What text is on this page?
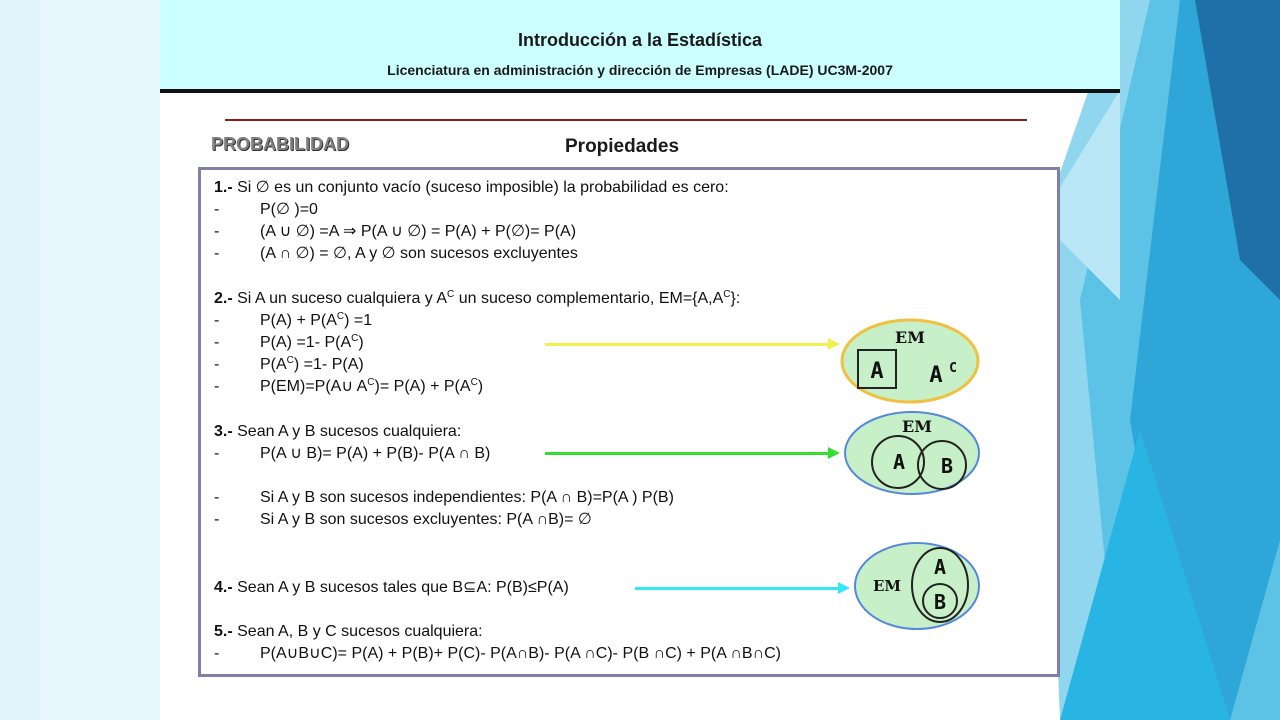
Introducción a la Estadística
Licenciatura en administración y dirección de Empresas (LADE) UC3M-2007
PROBABILIDAD	Propiedades
1.- Si ∅ es un conjunto vacío (suceso imposible) la probabilidad es cero:
-	P(∅ )=0
-	(A ∪ ∅) =A ⇒ P(A ∪ ∅) = P(A) + P(∅)= P(A)
-	(A ∩ ∅) = ∅, A y ∅ son sucesos excluyentes
2.- Si A un suceso cualquiera y $A^C$ un suceso complementario, $EM=\{A,A^C\}$:
-	$P(A) + P(A^C) =1$
-	P(A) =1- $P(A^C)$
-	$P(A^C) =1-$ P(A)
-	P(EM)=P(A∪ $A^C)= P(A) + P(A^C)$
3.- Sean A y B sucesos cualquiera:
-	P(A ∪ B)= P(A) + P(B)- P(A ∩ B)
-	Si A y B son sucesos independientes: P(A ∩ B)=P(A ) P(B)
-	Si A y B son sucesos excluyentes: P(A ∩B)= ∅
4.- Sean A y B sucesos tales que B⊆A: P(B)≤P(A)
5.- Sean A, B y C sucesos cualquiera:
-	P(A∪B∪C)= P(A) + P(B)+ P(C)- P(A∩B)- P(A ∩C)- P(B ∩C) + P(A ∩B∩C)
EM
A A C
EM
A B
EM
A
B
